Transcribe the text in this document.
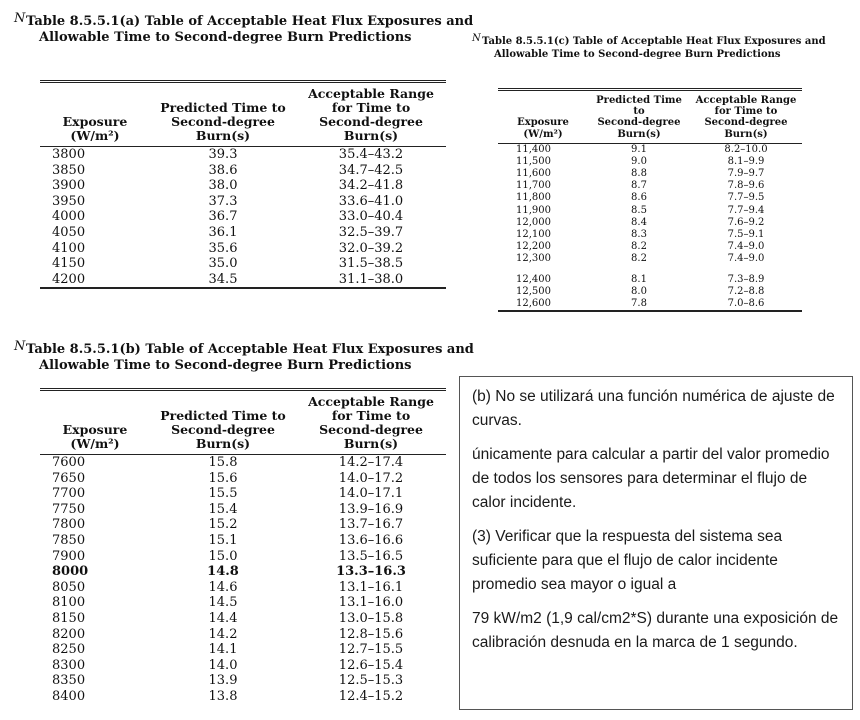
N Table 8.5.5.1(a) Table of Acceptable Heat Flux Exposures and
Allowable Time to Second-degree Burn Predictions
Exposure
(W/m²)	Predicted Time to
Second-degree
Burn(s)	Acceptable Range
for Time to
Second-degree Burn(s)
3800	39.3	35.4–43.2
3850	38.6	34.7–42.5
3900	38.0	34.2–41.8
3950	37.3	33.6–41.0
4000	36.7	33.0–40.4
4050	36.1	32.5–39.7
4100	35.6	32.0–39.2
4150	35.0	31.5–38.5
4200	34.5	31.1–38.0
N Table 8.5.5.1(c) Table of Acceptable Heat Flux Exposures and
Allowable Time to Second-degree Burn Predictions
Exposure
(W/m²)	Predicted Time to
Second-degree
Burn(s)	Acceptable Range
for Time to
Second-degree Burn(s)
11,400	9.1	8.2–10.0
11,500	9.0	8.1–9.9
11,600	8.8	7.9–9.7
11,700	8.7	7.8–9.6
11,800	8.6	7.7–9.5
11,900	8.5	7.7–9.4
12,000	8.4	7.6–9.2
12,100	8.3	7.5–9.1
12,200	8.2	7.4–9.0
12,300	8.2	7.4–9.0
12,400	8.1	7.3–8.9
12,500	8.0	7.2–8.8
12,600	7.8	7.0–8.6
N Table 8.5.5.1(b) Table of Acceptable Heat Flux Exposures and
Allowable Time to Second-degree Burn Predictions
Exposure
(W/m²)	Predicted Time to
Second-degree
Burn(s)	Acceptable Range
for Time to
Second-degree Burn(s)
7600	15.8	14.2–17.4
7650	15.6	14.0–17.2
7700	15.5	14.0–17.1
7750	15.4	13.9–16.9
7800	15.2	13.7–16.7
7850	15.1	13.6–16.6
7900	15.0	13.5–16.5
8000	14.8	13.3–16.3
8050	14.6	13.1–16.1
8100	14.5	13.1–16.0
8150	14.4	13.0–15.8
8200	14.2	12.8–15.6
8250	14.1	12.7–15.5
8300	14.0	12.6–15.4
8350	13.9	12.5–15.3
8400	13.8	12.4–15.2

(b) No se utilizará una función numérica de ajuste de curvas.

únicamente para calcular a partir del valor promedio de todos los sensores para determinar el flujo de calor incidente.

(3) Verificar que la respuesta del sistema sea suficiente para que el flujo de calor incidente promedio sea mayor o igual a

79 kW/m2 (1,9 cal/cm2*S) durante una exposición de calibración desnuda en la marca de 1 segundo.
